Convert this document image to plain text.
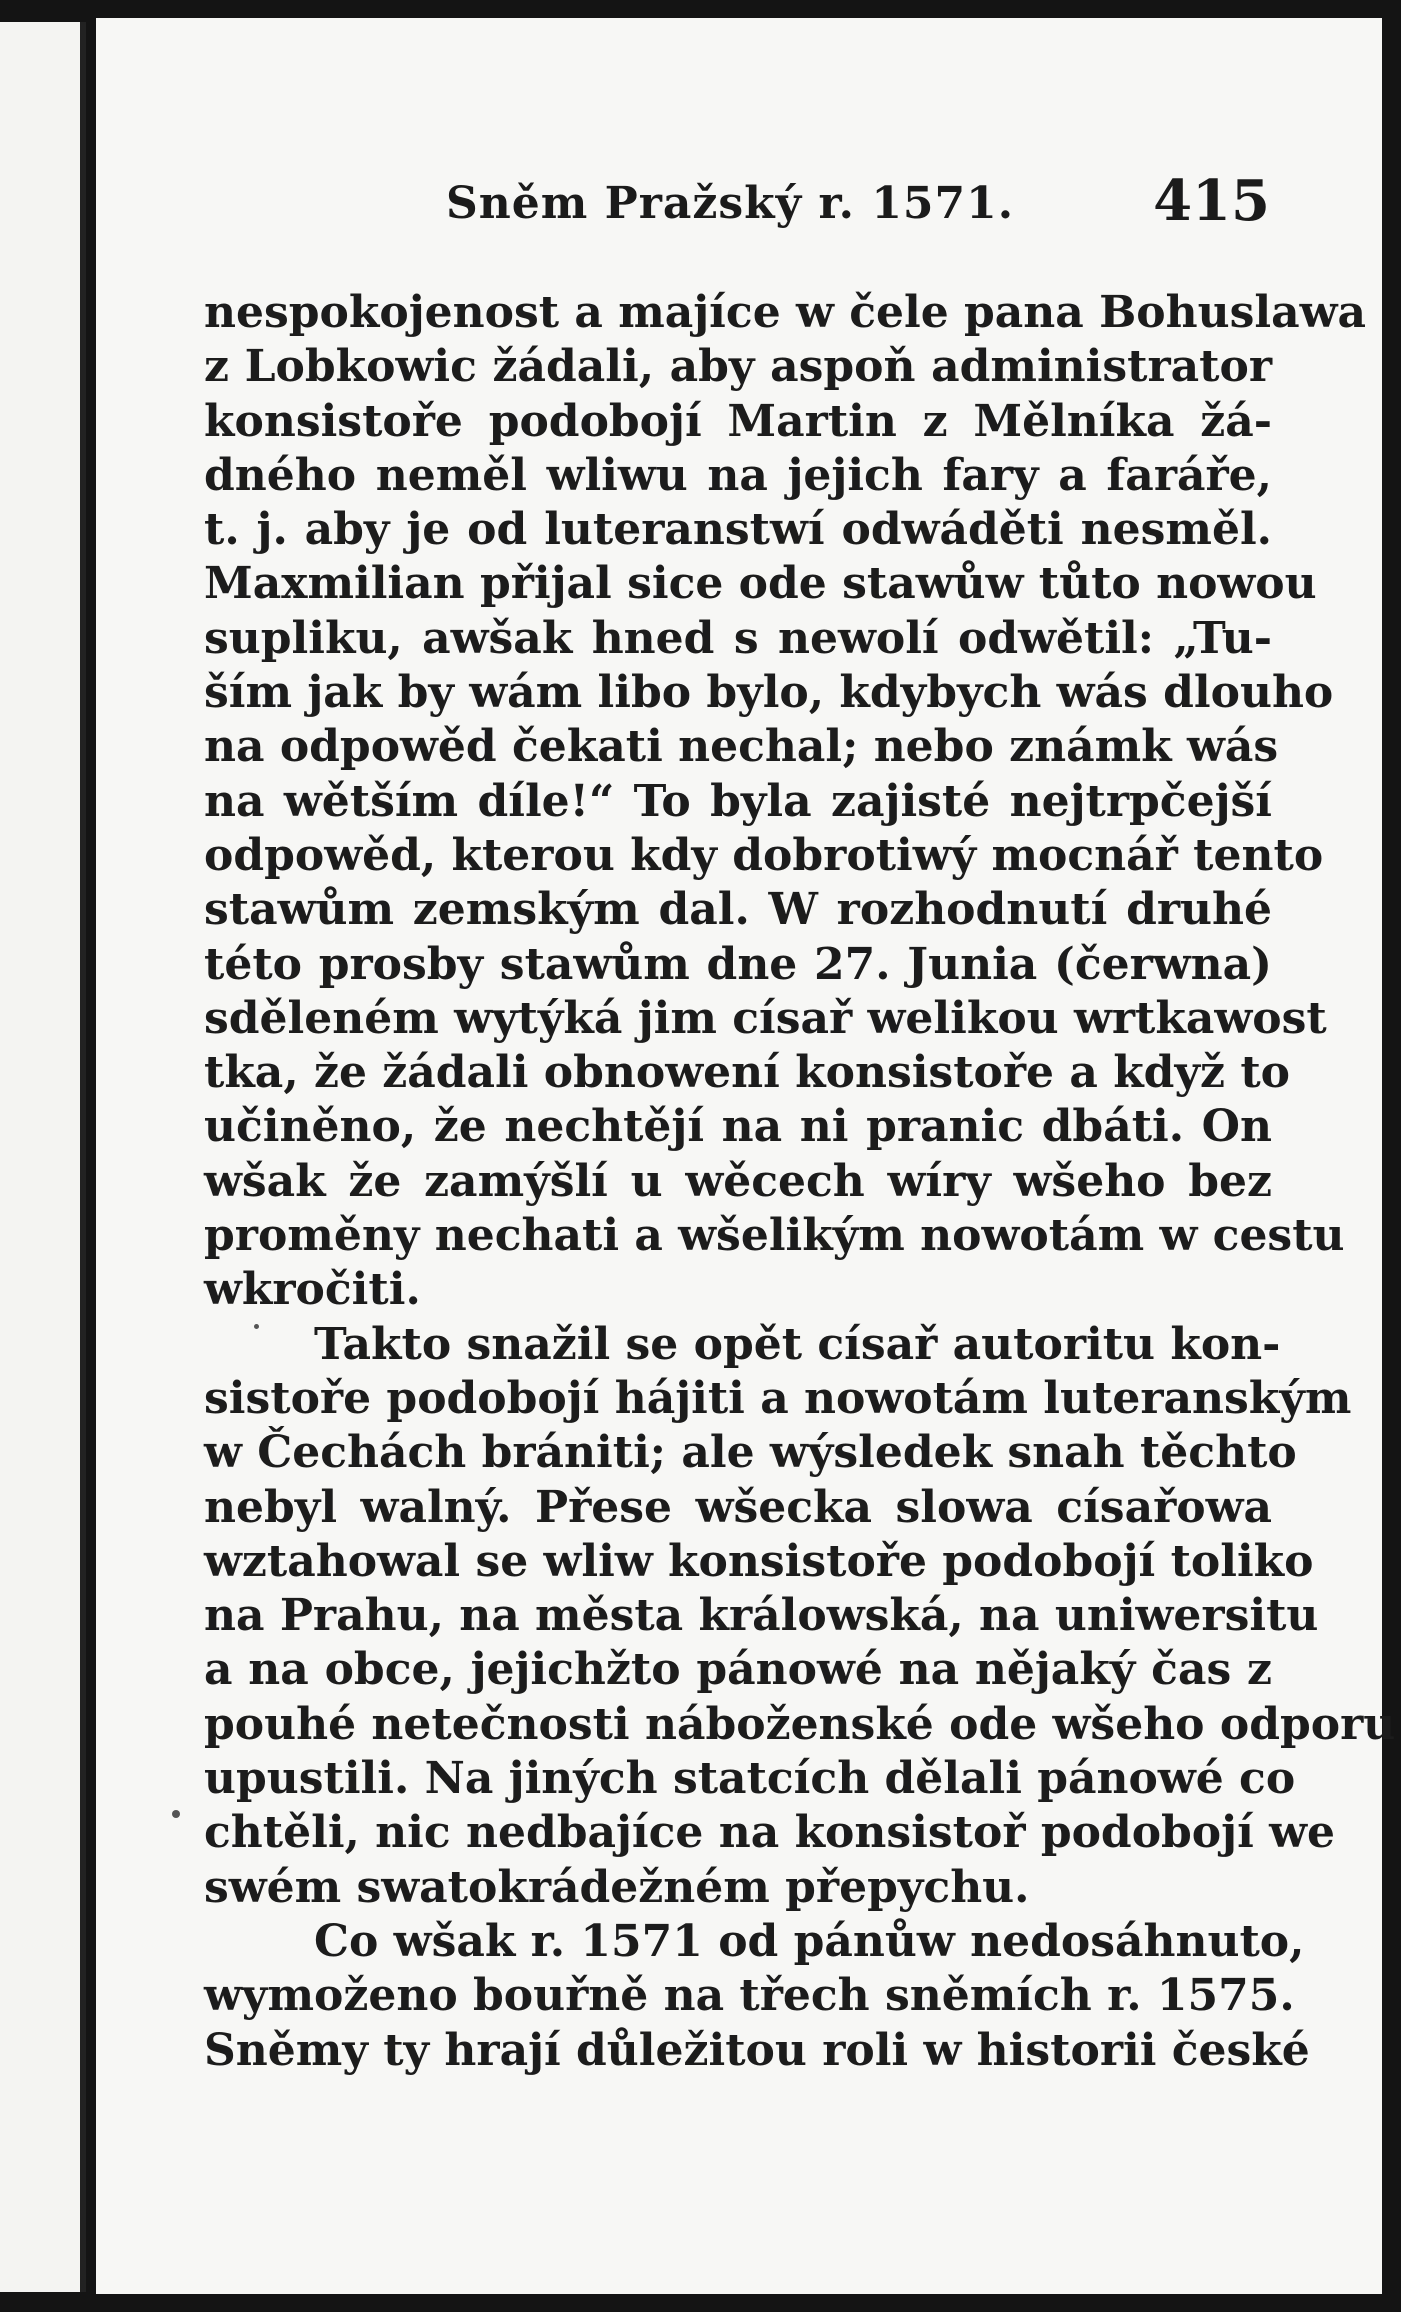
Sněm Pražský r. 1571. 415
nespokojenost a majíce w čele pana Bohuslawa
z Lobkowic žádali, aby aspoň administrator
konsistoře podobojí Martin z Mělníka žá-
dného neměl wliwu na jejich fary a faráře,
t. j. aby je od luteranstwí odwáděti nesměl.
Maxmilian přijal sice ode stawůw tůto nowou
supliku, awšak hned s newolí odwětil: „Tu-
ším jak by wám libo bylo, kdybych wás dlouho
na odpowěd čekati nechal; nebo známk wás
na wětším díle!“ To byla zajisté nejtrpčejší
odpowěd, kterou kdy dobrotiwý mocnář tento
stawům zemským dal. W rozhodnutí druhé
této prosby stawům dne 27. Junia (čerwna)
sděleném wytýká jim císař welikou wrtkawost
tka, že žádali obnowení konsistoře a když to
učiněno, že nechtějí na ni pranic dbáti. On
wšak že zamýšlí u wěcech wíry wšeho bez
proměny nechati a wšelikým nowotám w cestu
wkročiti.
Takto snažil se opět císař autoritu kon-
sistoře podobojí hájiti a nowotám luteranským
w Čechách brániti; ale wýsledek snah těchto
nebyl walný. Přese wšecka slowa císařowa
wztahowal se wliw konsistoře podobojí toliko
na Prahu, na města králowská, na uniwersitu
a na obce, jejichžto pánowé na nějaký čas z
pouhé netečnosti náboženské ode wšeho odporu
upustili. Na jiných statcích dělali pánowé co
chtěli, nic nedbajíce na konsistoř podobojí we
swém swatokrádežném přepychu.
Co wšak r. 1571 od pánůw nedosáhnuto,
wymoženo bouřně na třech sněmích r. 1575.
Sněmy ty hrají důležitou roli w historii české
